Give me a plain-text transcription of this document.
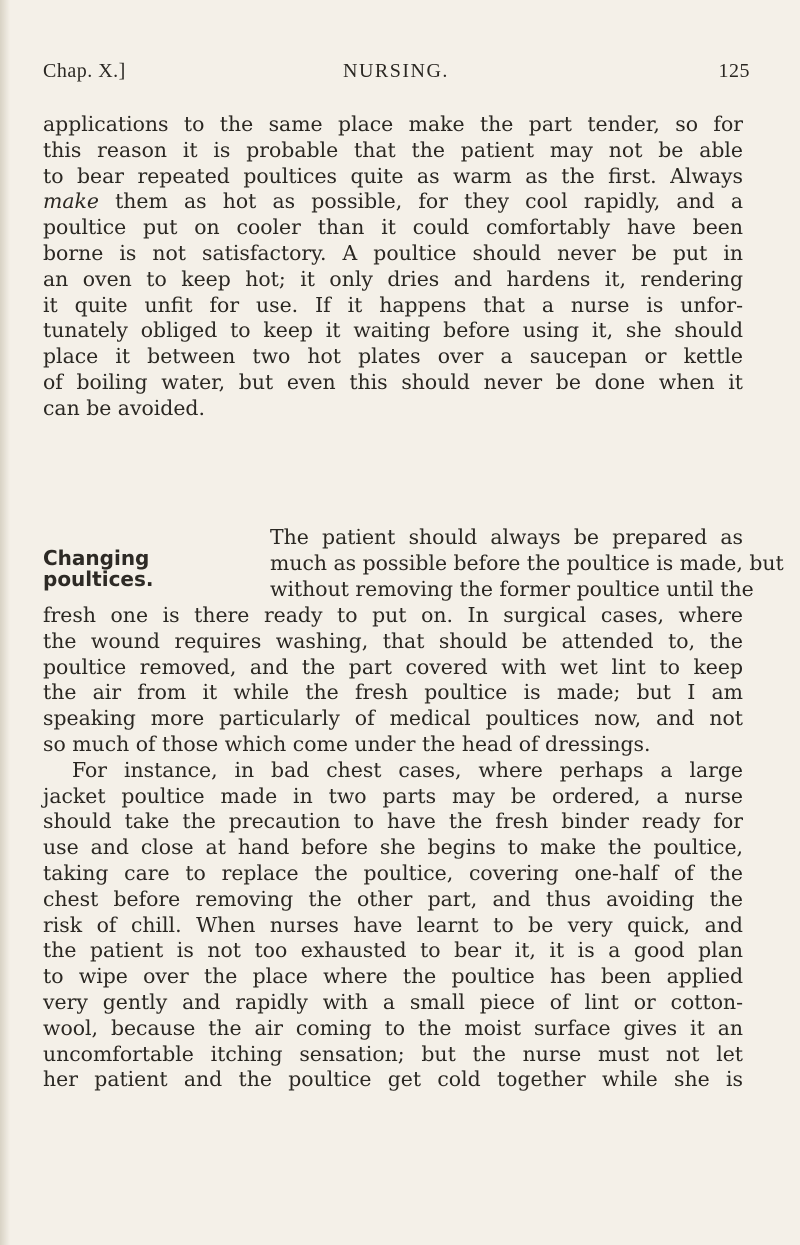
Chap. X.]	NURSING.	125
applications to the same place make the part tender, so for
this reason it is probable that the patient may not be able
to bear repeated poultices quite as warm as the first. Always
make them as hot as possible, for they cool rapidly, and a
poultice put on cooler than it could comfortably have been
borne is not satisfactory. A poultice should never be put in
an oven to keep hot; it only dries and hardens it, rendering
it quite unfit for use. If it happens that a nurse is unfor-
tunately obliged to keep it waiting before using it, she should
place it between two hot plates over a saucepan or kettle
of boiling water, but even this should never be done when it
can be avoided.
Changing
poultices.
The patient should always be prepared as
much as possible before the poultice is made, but
without removing the former poultice until the
fresh one is there ready to put on. In surgical cases, where
the wound requires washing, that should be attended to, the
poultice removed, and the part covered with wet lint to keep
the air from it while the fresh poultice is made; but I am
speaking more particularly of medical poultices now, and not
so much of those which come under the head of dressings.
For instance, in bad chest cases, where perhaps a large
jacket poultice made in two parts may be ordered, a nurse
should take the precaution to have the fresh binder ready for
use and close at hand before she begins to make the poultice,
taking care to replace the poultice, covering one-half of the
chest before removing the other part, and thus avoiding the
risk of chill. When nurses have learnt to be very quick, and
the patient is not too exhausted to bear it, it is a good plan
to wipe over the place where the poultice has been applied
very gently and rapidly with a small piece of lint or cotton-
wool, because the air coming to the moist surface gives it an
uncomfortable itching sensation; but the nurse must not let
her patient and the poultice get cold together while she is
